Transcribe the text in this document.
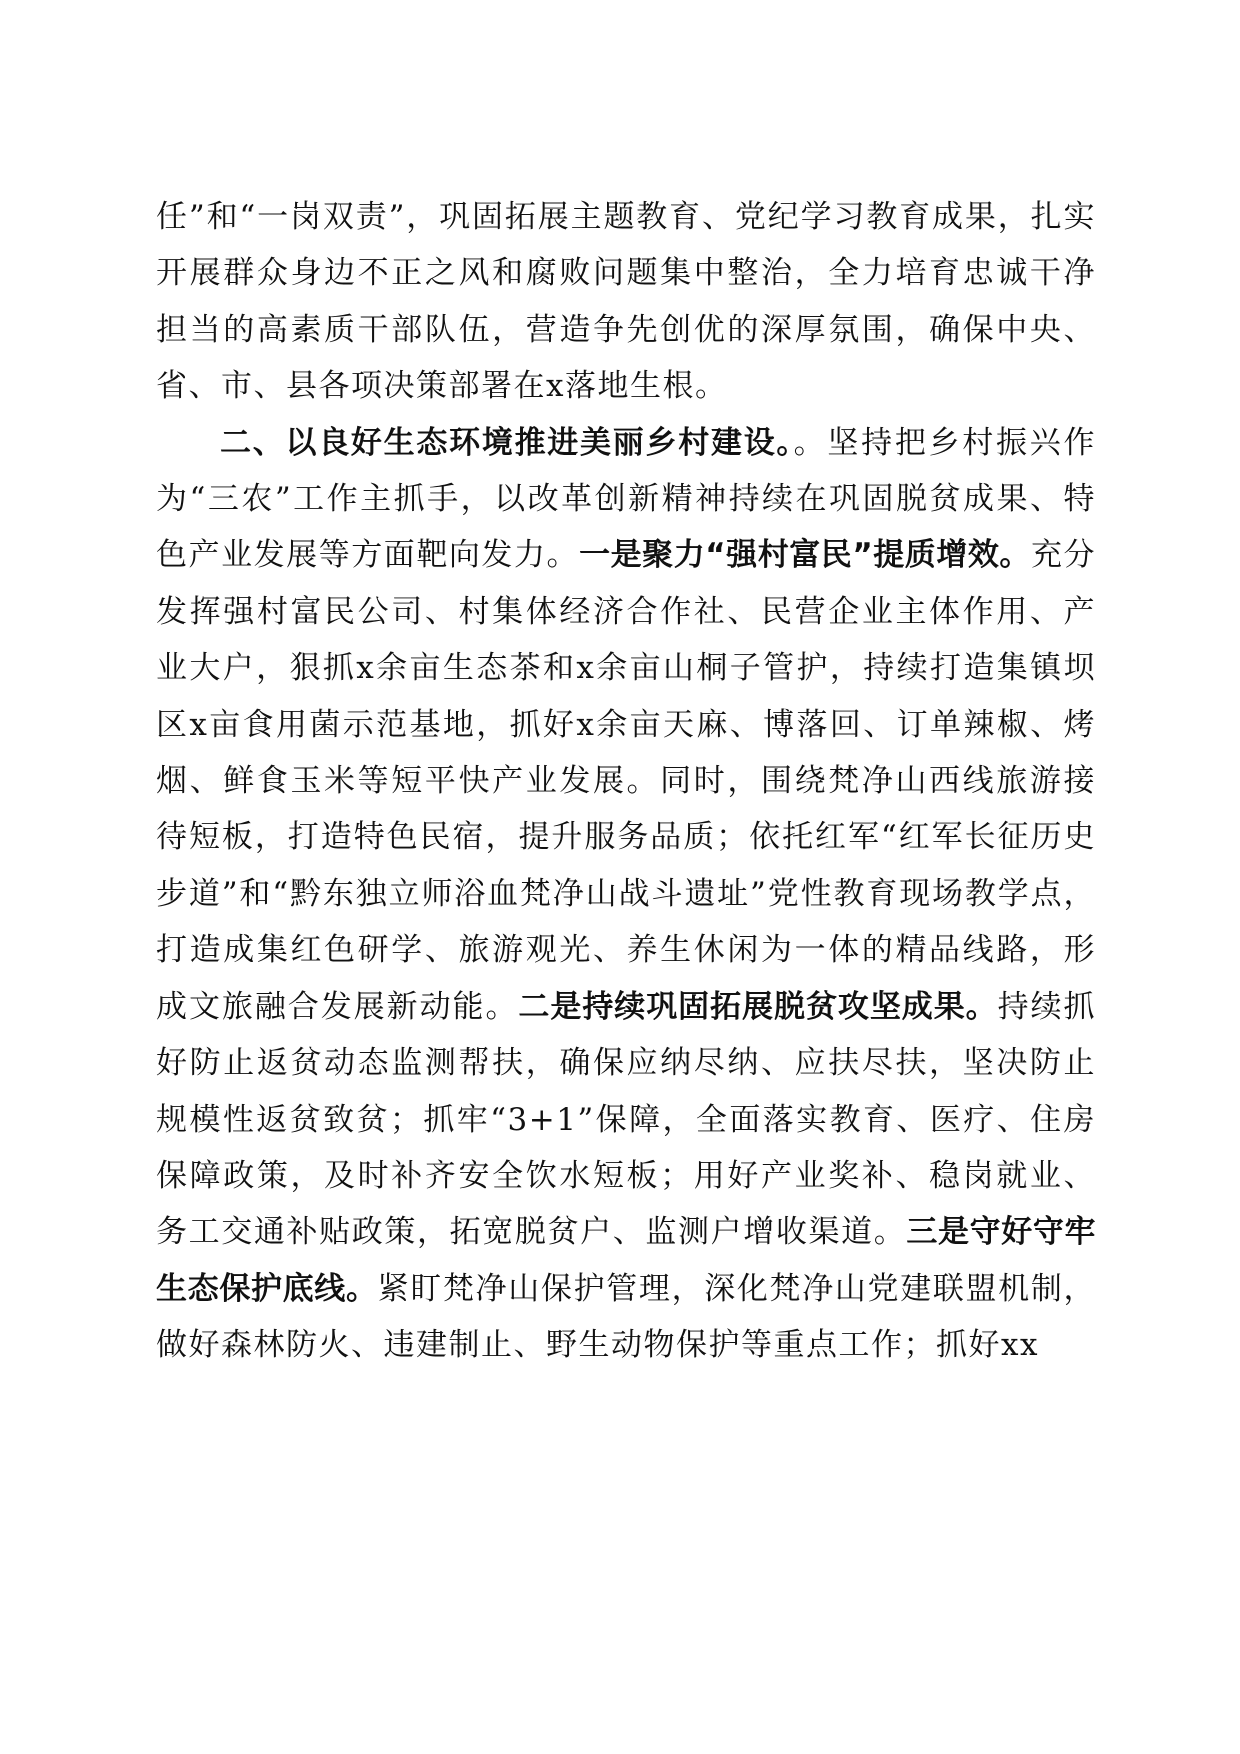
任”和“一岗双责”，巩固拓展主题教育、党纪学习教育成果，扎实开展群众身边不正之风和腐败问题集中整治，全力培育忠诚干净担当的高素质干部队伍，营造争先创优的深厚氛围，确保中央、省、市、县各项决策部署在x落地生根。

二、以良好生态环境推进美丽乡村建设。。坚持把乡村振兴作为“三农”工作主抓手，以改革创新精神持续在巩固脱贫成果、特色产业发展等方面靶向发力。一是聚力“强村富民”提质增效。充分发挥强村富民公司、村集体经济合作社、民营企业主体作用、产业大户，狠抓x余亩生态茶和x余亩山桐子管护，持续打造集镇坝区x亩食用菌示范基地，抓好x余亩天麻、博落回、订单辣椒、烤烟、鲜食玉米等短平快产业发展。同时，围绕梵净山西线旅游接待短板，打造特色民宿，提升服务品质；依托红军“红军长征历史步道”和“黔东独立师浴血梵净山战斗遗址”党性教育现场教学点，打造成集红色研学、旅游观光、养生休闲为一体的精品线路，形成文旅融合发展新动能。二是持续巩固拓展脱贫攻坚成果。持续抓好防止返贫动态监测帮扶，确保应纳尽纳、应扶尽扶，坚决防止规模性返贫致贫；抓牢“3+1”保障，全面落实教育、医疗、住房保障政策，及时补齐安全饮水短板；用好产业奖补、稳岗就业、务工交通补贴政策，拓宽脱贫户、监测户增收渠道。三是守好守牢生态保护底线。紧盯梵净山保护管理，深化梵净山党建联盟机制，做好森林防火、违建制止、野生动物保护等重点工作；抓好xx
